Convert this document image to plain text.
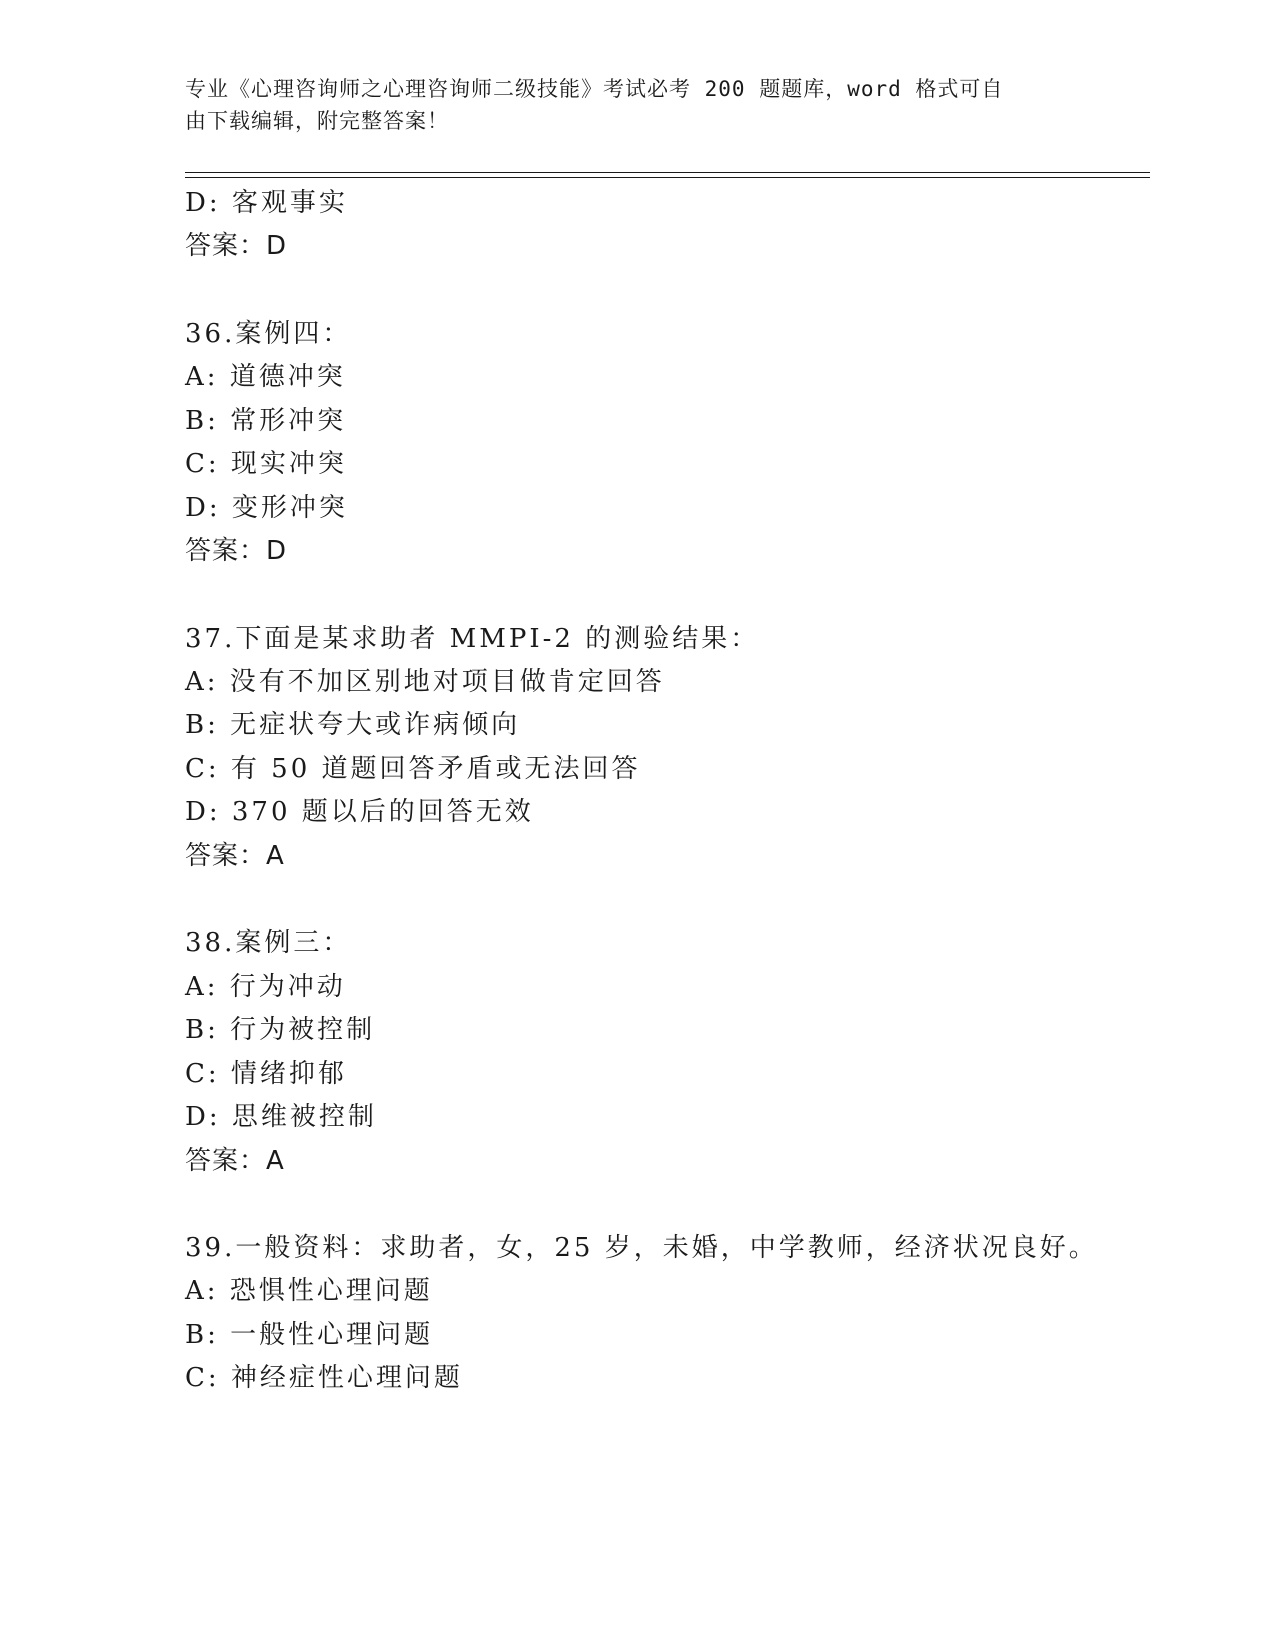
专业《心理咨询师之心理咨询师二级技能》考试必考 200 题题库，word 格式可自
由下载编辑，附完整答案！
D: 客观事实
答案：D
36.案例四：
A: 道德冲突
B: 常形冲突
C: 现实冲突
D: 变形冲突
答案：D
37.下面是某求助者 MMPI-2 的测验结果：
A: 没有不加区别地对项目做肯定回答
B: 无症状夸大或诈病倾向
C: 有 50 道题回答矛盾或无法回答
D: 370 题以后的回答无效
答案：A
38.案例三：
A: 行为冲动
B: 行为被控制
C: 情绪抑郁
D: 思维被控制
答案：A
39.一般资料：求助者，女，25 岁，未婚，中学教师，经济状况良好。
A: 恐惧性心理问题
B: 一般性心理问题
C: 神经症性心理问题
